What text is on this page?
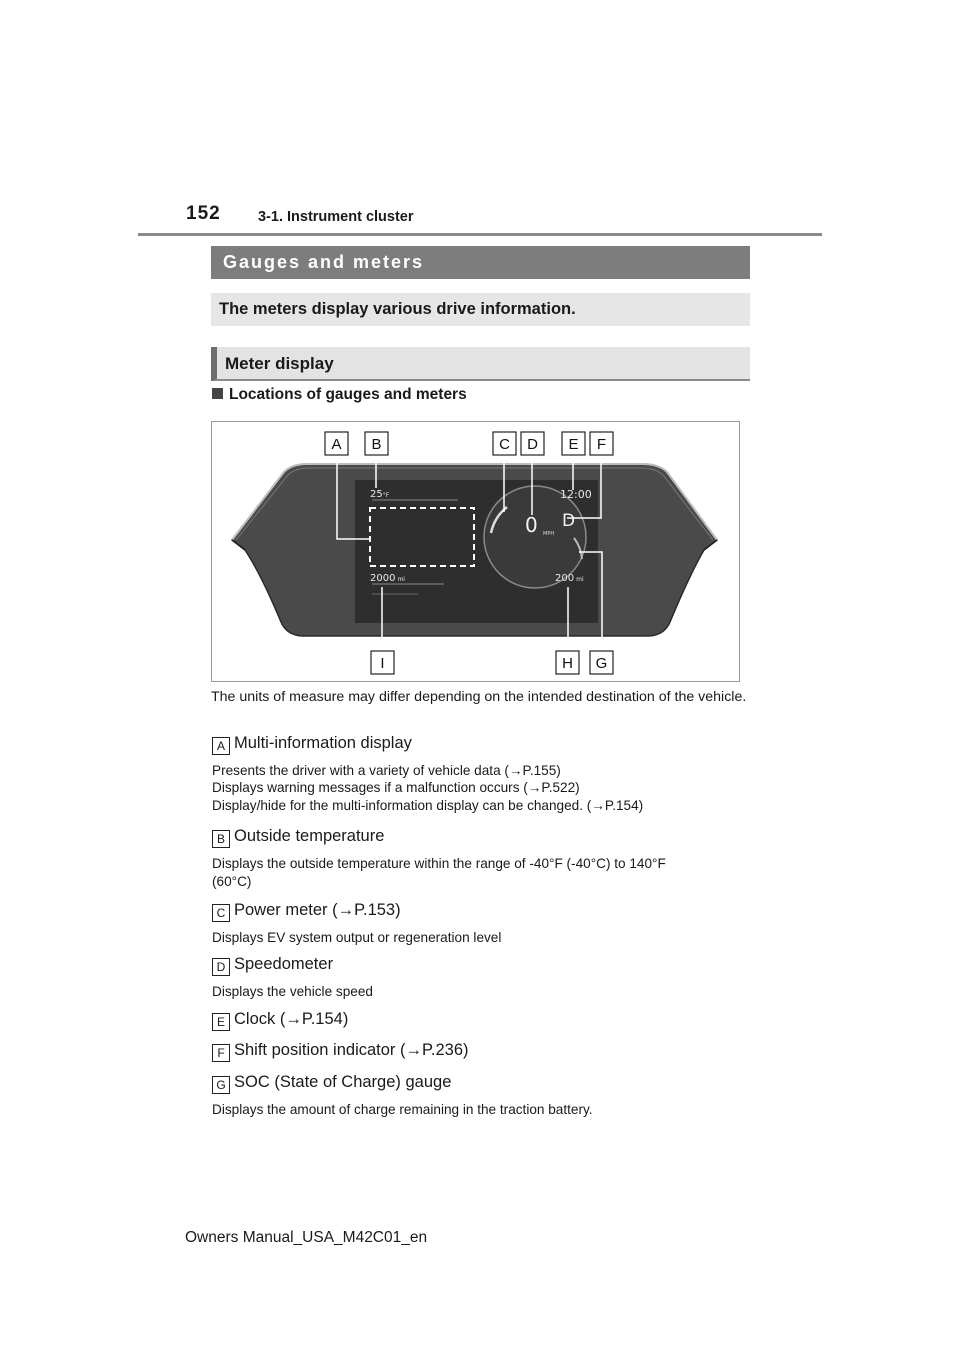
152	3-1. Instrument cluster
Gauges and meters
The meters display various drive information.
Meter display
Locations of gauges and meters
25°F	12:00
0 MPH
D
2000 mi	200 mi
A B	C D E F
I	H G
The units of measure may differ depending on the intended destination of the vehicle.
A Multi-information display
Presents the driver with a variety of vehicle data (→P.155)
Displays warning messages if a malfunction occurs (→P.522)
Display/hide for the multi-information display can be changed. (→P.154)
B Outside temperature
Displays the outside temperature within the range of -40°F (-40°C) to 140°F
(60°C)
C Power meter (→P.153)
Displays EV system output or regeneration level
D Speedometer
Displays the vehicle speed
E Clock (→P.154)
F Shift position indicator (→P.236)
G SOC (State of Charge) gauge
Displays the amount of charge remaining in the traction battery.
Owners Manual_USA_M42C01_en
